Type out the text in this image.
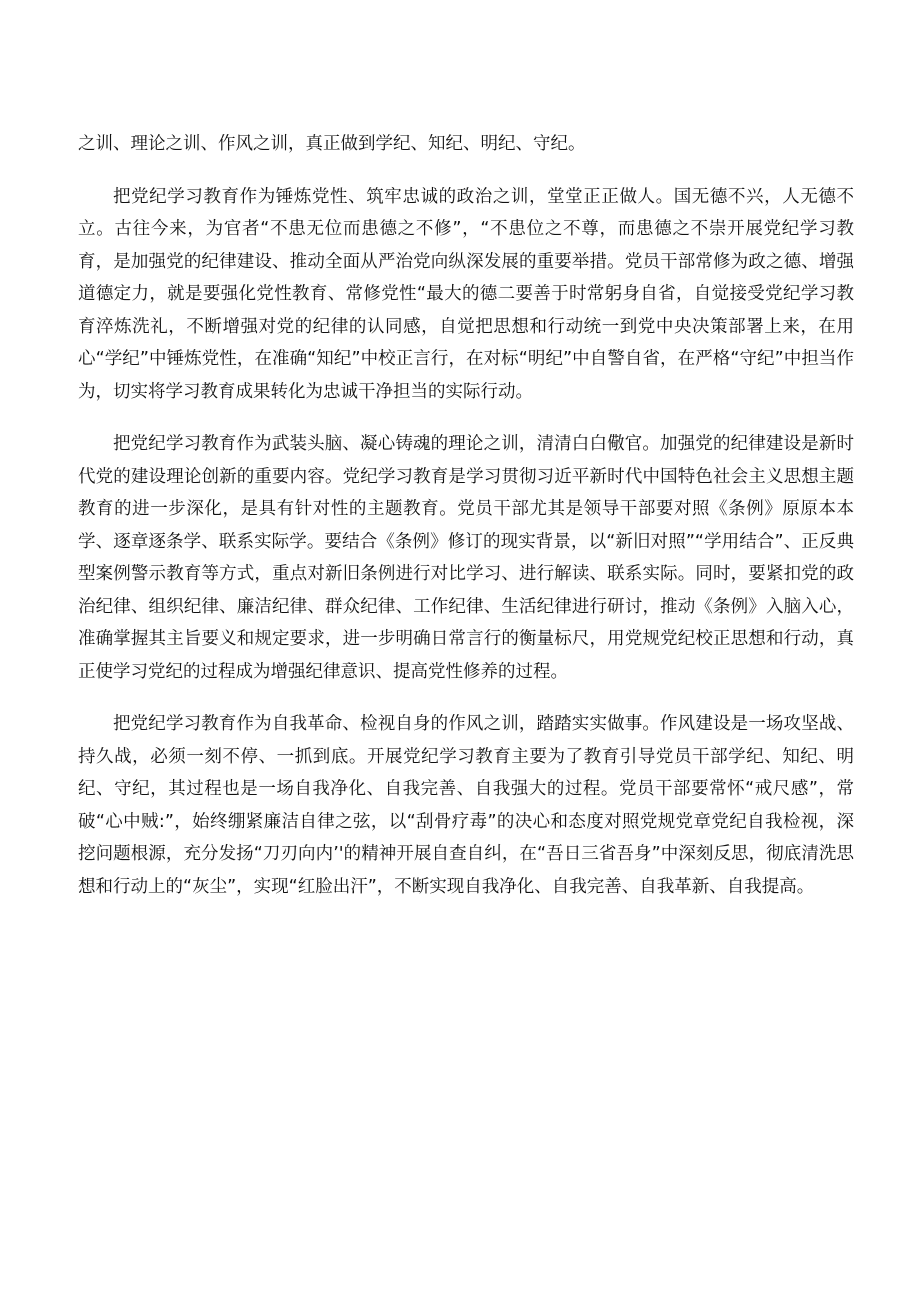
之训、理论之训、作风之训，真正做到学纪、知纪、明纪、守纪。

把党纪学习教育作为锤炼党性、筑牢忠诚的政治之训，堂堂正正做人。国无德不兴，人无德不立。古往今来，为官者“不患无位而患德之不修”，“不患位之不尊，而患德之不崇开展党纪学习教育，是加强党的纪律建设、推动全面从严治党向纵深发展的重要举措。党员干部常修为政之德、增强道德定力，就是要强化党性教育、常修党性“最大的德二要善于时常躬身自省，自觉接受党纪学习教育淬炼洗礼，不断增强对党的纪律的认同感，自觉把思想和行动统一到党中央决策部署上来，在用心“学纪”中锤炼党性，在准确“知纪”中校正言行，在对标“明纪”中自警自省，在严格“守纪”中担当作为，切实将学习教育成果转化为忠诚干净担当的实际行动。

把党纪学习教育作为武装头脑、凝心铸魂的理论之训，清清白白儆官。加强党的纪律建设是新时代党的建设理论创新的重要内容。党纪学习教育是学习贯彻习近平新时代中国特色社会主义思想主题教育的进一步深化，是具有针对性的主题教育。党员干部尤其是领导干部要对照《条例》原原本本学、逐章逐条学、联系实际学。要结合《条例》修订的现实背景，以“新旧对照”“学用结合”、正反典型案例警示教育等方式，重点对新旧条例进行对比学习、进行解读、联系实际。同时，要紧扣党的政治纪律、组织纪律、廉洁纪律、群众纪律、工作纪律、生活纪律进行研讨，推动《条例》入脑入心，准确掌握其主旨要义和规定要求，进一步明确日常言行的衡量标尺，用党规党纪校正思想和行动，真正使学习党纪的过程成为增强纪律意识、提高党性修养的过程。

把党纪学习教育作为自我革命、检视自身的作风之训，踏踏实实做事。作风建设是一场攻坚战、持久战，必须一刻不停、一抓到底。开展党纪学习教育主要为了教育引导党员干部学纪、知纪、明纪、守纪，其过程也是一场自我净化、自我完善、自我强大的过程。党员干部要常怀“戒尺感”，常破“心中贼:”，始终绷紧廉洁自律之弦，以“刮骨疗毒”的决心和态度对照党规党章党纪自我检视，深挖问题根源，充分发扬“刀刃向内’'的精神开展自查自纠，在“吾日三省吾身”中深刻反思，彻底清洗思想和行动上的“灰尘”，实现“红脸出汗”，不断实现自我净化、自我完善、自我革新、自我提高。
